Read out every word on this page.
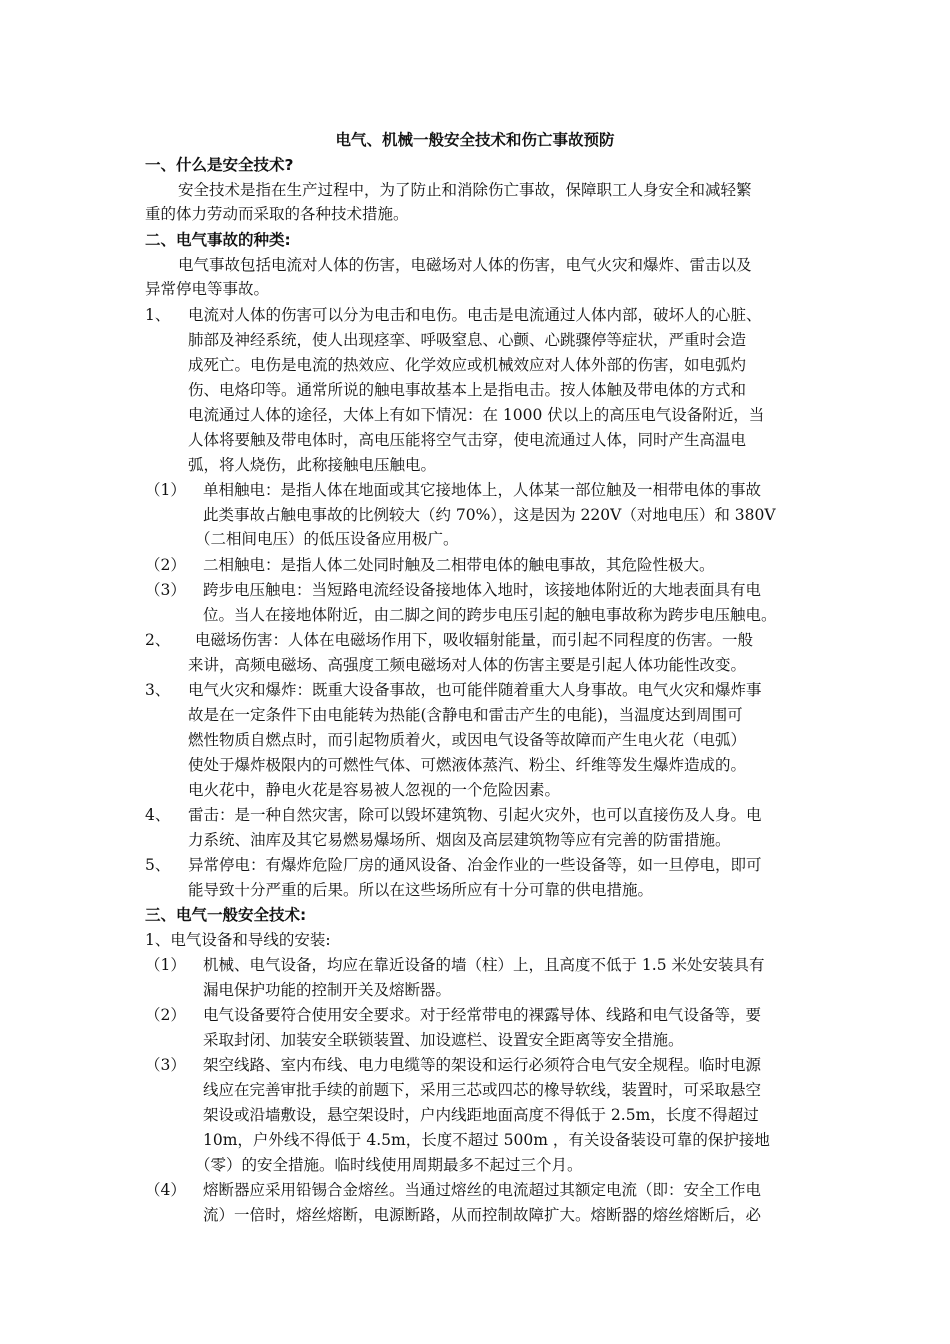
电气、机械一般安全技术和伤亡事故预防
一、什么是安全技术?
安全技术是指在生产过程中，为了防止和消除伤亡事故，保障职工人身安全和减轻繁
重的体力劳动而采取的各种技术措施。
二、电气事故的种类:
电气事故包括电流对人体的伤害，电磁场对人体的伤害，电气火灾和爆炸、雷击以及
异常停电等事故。
1、 电流对人体的伤害可以分为电击和电伤。电击是电流通过人体内部，破坏人的心脏、
肺部及神经系统，使人出现痉挛、呼吸窒息、心颤、心跳骤停等症状，严重时会造
成死亡。电伤是电流的热效应、化学效应或机械效应对人体外部的伤害，如电弧灼
伤、电烙印等。通常所说的触电事故基本上是指电击。按人体触及带电体的方式和
电流通过人体的途径，大体上有如下情况：在 1000 伏以上的高压电气设备附近，当
人体将要触及带电体时，高电压能将空气击穿，使电流通过人体，同时产生高温电
弧，将人烧伤，此称接触电压触电。
（1） 单相触电：是指人体在地面或其它接地体上，人体某一部位触及一相带电体的事故
此类事故占触电事故的比例较大（约 70%），这是因为 220V（对地电压）和 380V
（二相间电压）的低压设备应用极广。
（2） 二相触电：是指人体二处同时触及二相带电体的触电事故，其危险性极大。
（3） 跨步电压触电：当短路电流经设备接地体入地时，该接地体附近的大地表面具有电
位。当人在接地体附近，由二脚之间的跨步电压引起的触电事故称为跨步电压触电。
2、 电磁场伤害：人体在电磁场作用下，吸收辐射能量，而引起不同程度的伤害。一般
来讲，高频电磁场、高强度工频电磁场对人体的伤害主要是引起人体功能性改变。
3、 电气火灾和爆炸：既重大设备事故，也可能伴随着重大人身事故。电气火灾和爆炸事
故是在一定条件下由电能转为热能(含静电和雷击产生的电能)，当温度达到周围可
燃性物质自燃点时，而引起物质着火，或因电气设备等故障而产生电火花（电弧）
使处于爆炸极限内的可燃性气体、可燃液体蒸汽、粉尘、纤维等发生爆炸造成的。
电火花中，静电火花是容易被人忽视的一个危险因素。
4、 雷击：是一种自然灾害，除可以毁坏建筑物、引起火灾外，也可以直接伤及人身。电
力系统、油库及其它易燃易爆场所、烟囱及高层建筑物等应有完善的防雷措施。
5、 异常停电：有爆炸危险厂房的通风设备、冶金作业的一些设备等，如一旦停电，即可
能导致十分严重的后果。所以在这些场所应有十分可靠的供电措施。
三、电气一般安全技术:
1、电气设备和导线的安装:
（1） 机械、电气设备，均应在靠近设备的墙（柱）上，且高度不低于 1.5 米处安装具有
漏电保护功能的控制开关及熔断器。
（2） 电气设备要符合使用安全要求。对于经常带电的裸露导体、线路和电气设备等，要
采取封闭、加装安全联锁装置、加设遮栏、设置安全距离等安全措施。
（3） 架空线路、室内布线、电力电缆等的架设和运行必须符合电气安全规程。临时电源
线应在完善审批手续的前题下，采用三芯或四芯的橡导软线，装置时，可采取悬空
架设或沿墙敷设，悬空架设时，户内线距地面高度不得低于 2.5m，长度不得超过
10m，户外线不得低于 4.5m，长度不超过 500m ，有关设备装设可靠的保护接地
（零）的安全措施。临时线使用周期最多不起过三个月。
（4） 熔断器应采用铅锡合金熔丝。当通过熔丝的电流超过其额定电流（即：安全工作电
流）一倍时，熔丝熔断，电源断路，从而控制故障扩大。熔断器的熔丝熔断后，必
